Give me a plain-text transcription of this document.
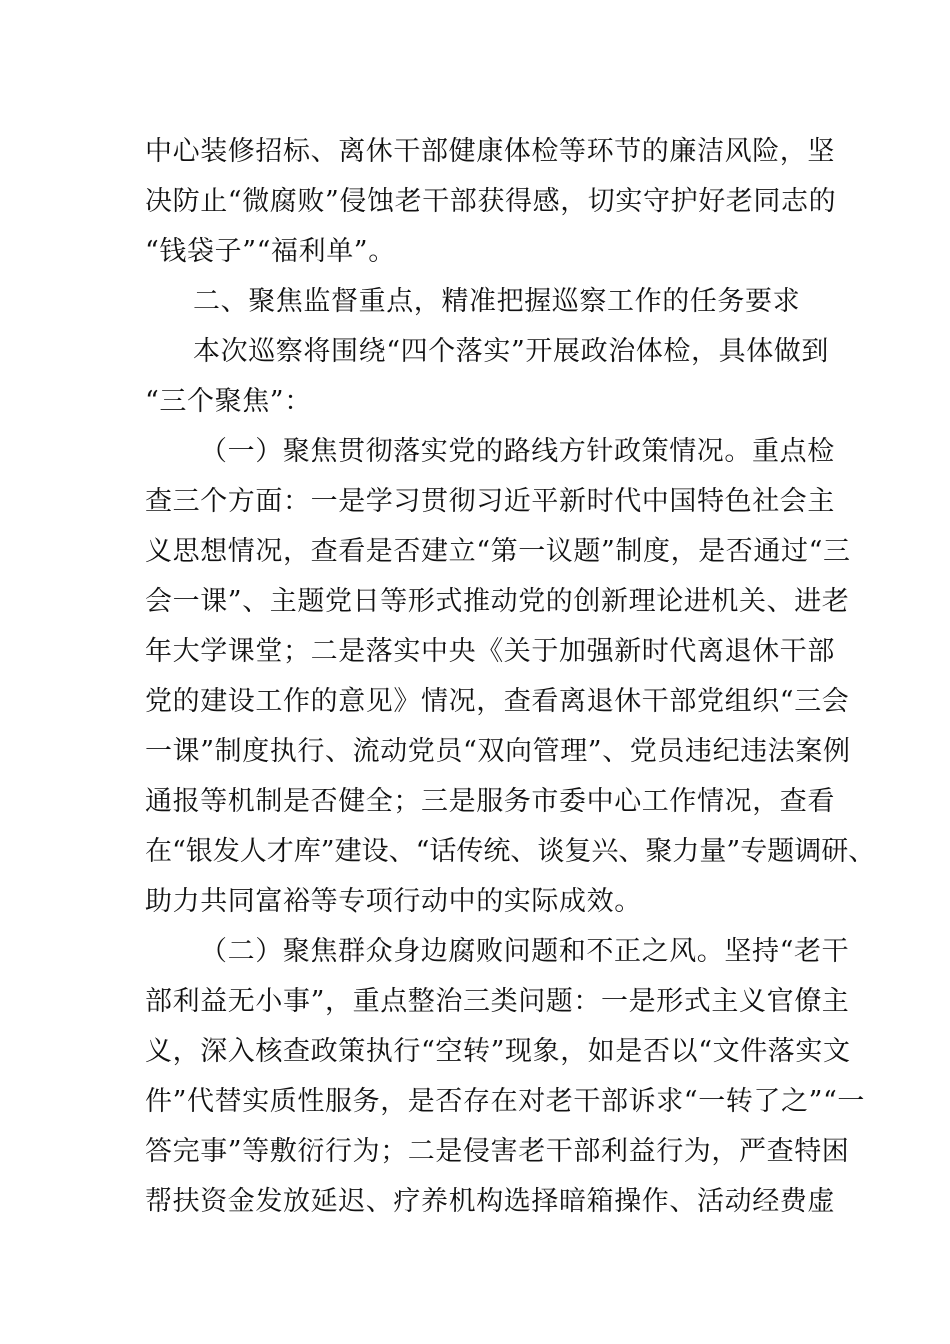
中心装修招标、离休干部健康体检等环节的廉洁风险，坚
决防止“微腐败”侵蚀老干部获得感，切实守护好老同志的
“钱袋子”“福利单”。
二、聚焦监督重点，精准把握巡察工作的任务要求
本次巡察将围绕“四个落实”开展政治体检，具体做到
“三个聚焦”：
（一）聚焦贯彻落实党的路线方针政策情况。重点检
查三个方面：一是学习贯彻习近平新时代中国特色社会主
义思想情况，查看是否建立“第一议题”制度，是否通过“三
会一课”、主题党日等形式推动党的创新理论进机关、进老
年大学课堂；二是落实中央《关于加强新时代离退休干部
党的建设工作的意见》情况，查看离退休干部党组织“三会
一课”制度执行、流动党员“双向管理”、党员违纪违法案例
通报等机制是否健全；三是服务市委中心工作情况，查看
在“银发人才库”建设、“话传统、谈复兴、聚力量”专题调研、
助力共同富裕等专项行动中的实际成效。
（二）聚焦群众身边腐败问题和不正之风。坚持“老干
部利益无小事”，重点整治三类问题：一是形式主义官僚主
义，深入核查政策执行“空转”现象，如是否以“文件落实文
件”代替实质性服务，是否存在对老干部诉求“一转了之”“一
答完事”等敷衍行为；二是侵害老干部利益行为，严查特困
帮扶资金发放延迟、疗养机构选择暗箱操作、活动经费虚
